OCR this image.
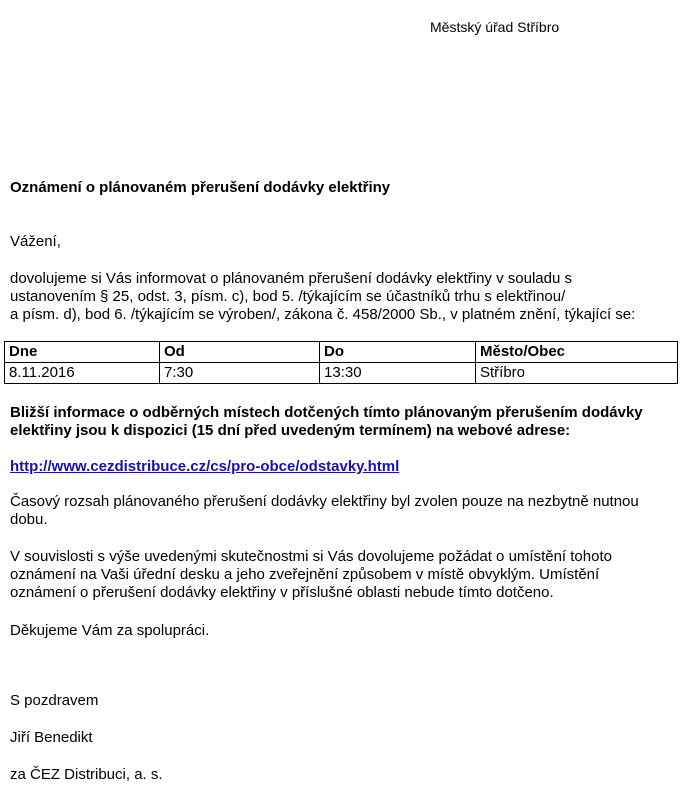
Městský úřad Stříbro
Oznámení o plánovaném přerušení dodávky elektřiny
Vážení,
dovolujeme si Vás informovat o plánovaném přerušení dodávky elektřiny v souladu s
ustanovením § 25, odst. 3, písm. c), bod 5. /týkajícím se účastníků trhu s elektřinou/
a písm. d), bod 6. /týkajícím se výroben/, zákona č. 458/2000 Sb., v platném znění, týkající se:
Dne	Od	Do	Město/Obec
8.11.2016	7:30	13:30	Stříbro
Bližší informace o odběrných místech dotčených tímto plánovaným přerušením dodávky
elektřiny jsou k dispozici (15 dní před uvedeným termínem) na webové adrese:
http://www.cezdistribuce.cz/cs/pro-obce/odstavky.html
Časový rozsah plánovaného přerušení dodávky elektřiny byl zvolen pouze na nezbytně nutnou
dobu.
V souvislosti s výše uvedenými skutečnostmi si Vás dovolujeme požádat o umístění tohoto
oznámení na Vaši úřední desku a jeho zveřejnění způsobem v místě obvyklým. Umístění
oznámení o přerušení dodávky elektřiny v příslušné oblasti nebude tímto dotčeno.
Děkujeme Vám za spolupráci.
S pozdravem
Jiří Benedikt
za ČEZ Distribuci, a. s.
